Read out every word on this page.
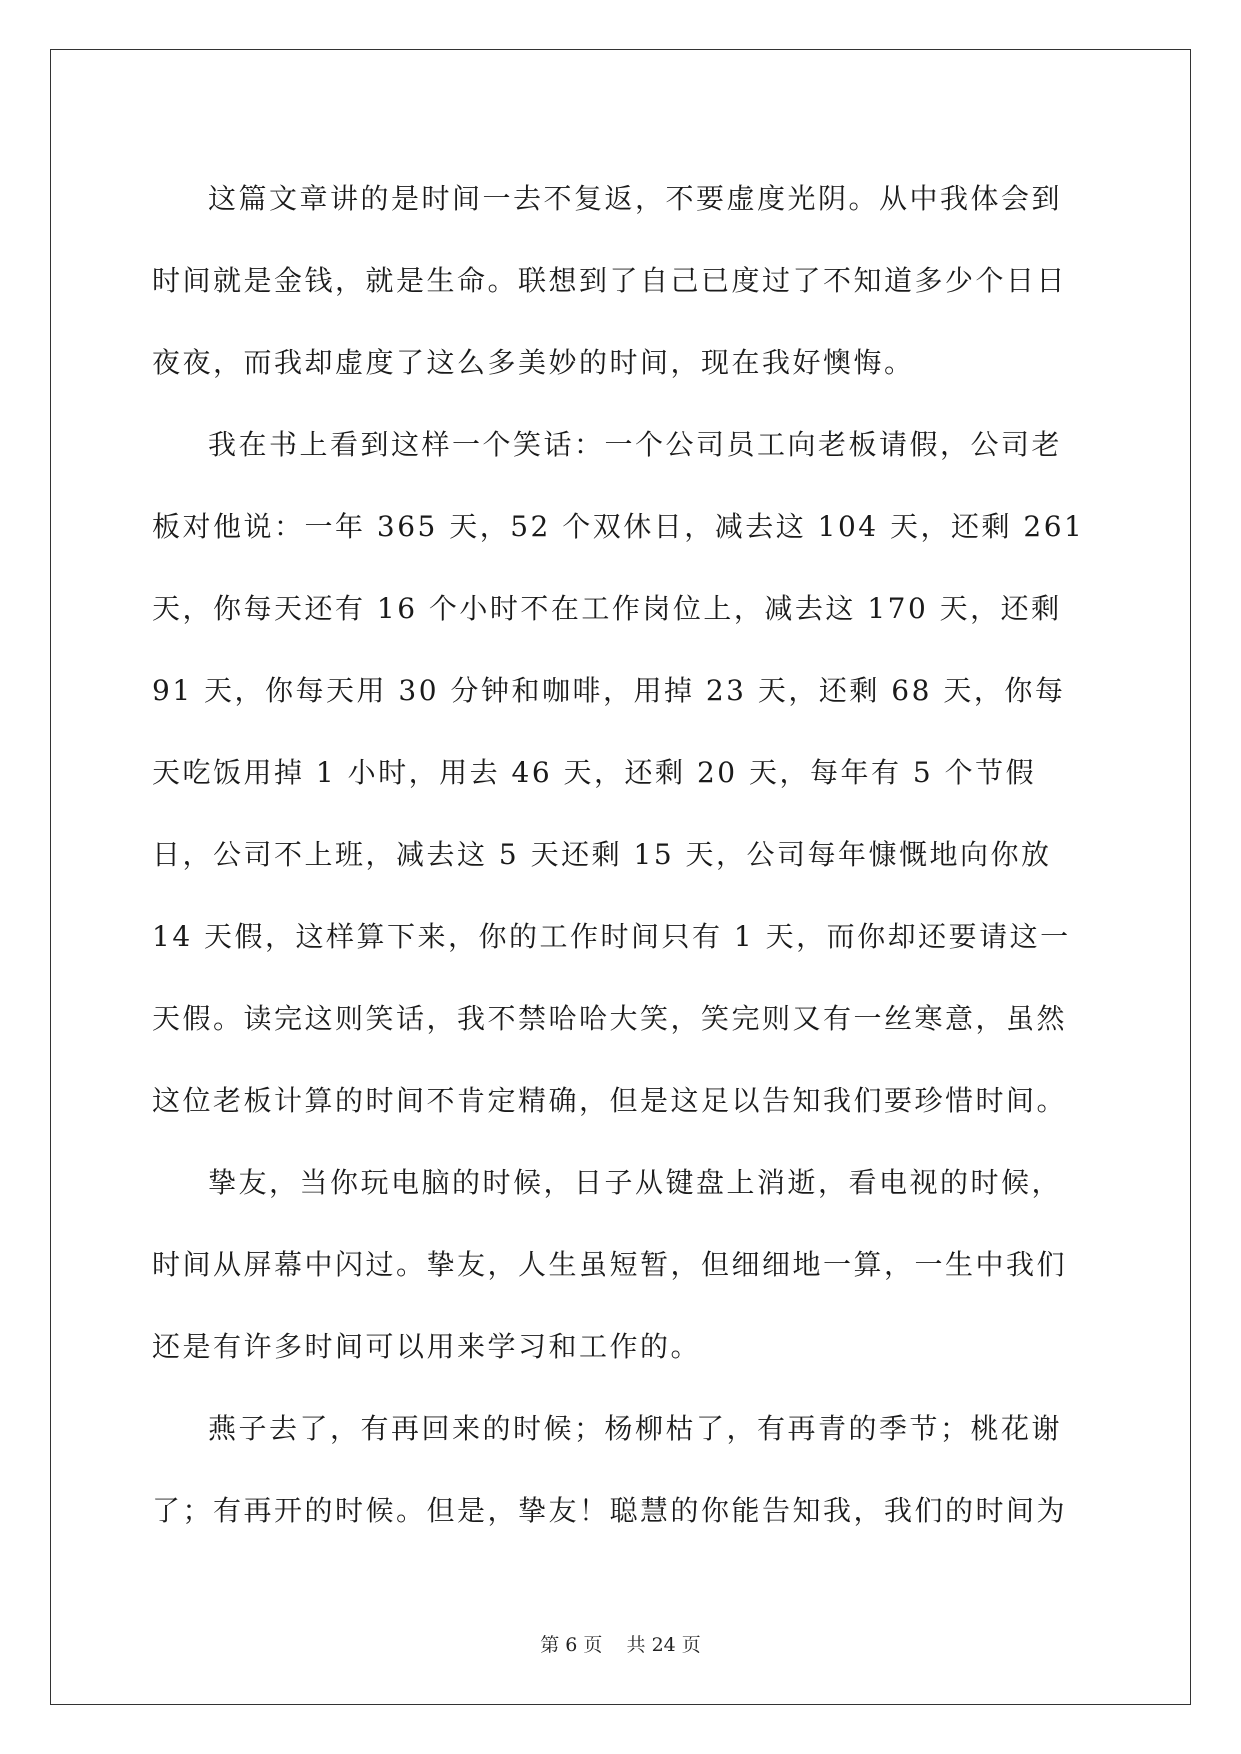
这篇文章讲的是时间一去不复返，不要虚度光阴。从中我体会到时间就是金钱，就是生命。联想到了自己已度过了不知道多少个日日夜夜，而我却虚度了这么多美妙的时间，现在我好懊悔。

我在书上看到这样一个笑话：一个公司员工向老板请假，公司老板对他说：一年 365 天，52 个双休日，减去这 104 天，还剩 261 天，你每天还有 16 个小时不在工作岗位上，减去这 170 天，还剩 91 天，你每天用 30 分钟和咖啡，用掉 23 天，还剩 68 天，你每天吃饭用掉 1 小时，用去 46 天，还剩 20 天，每年有 5 个节假日，公司不上班，减去这 5 天还剩 15 天，公司每年慷慨地向你放 14 天假，这样算下来，你的工作时间只有 1 天，而你却还要请这一天假。读完这则笑话，我不禁哈哈大笑，笑完则又有一丝寒意，虽然这位老板计算的时间不肯定精确，但是这足以告知我们要珍惜时间。

挚友，当你玩电脑的时候，日子从键盘上消逝，看电视的时候，时间从屏幕中闪过。挚友，人生虽短暂，但细细地一算，一生中我们还是有许多时间可以用来学习和工作的。

燕子去了，有再回来的时候；杨柳枯了，有再青的季节；桃花谢了；有再开的时候。但是，挚友！聪慧的你能告知我，我们的时间为

第 6 页    共 24 页
